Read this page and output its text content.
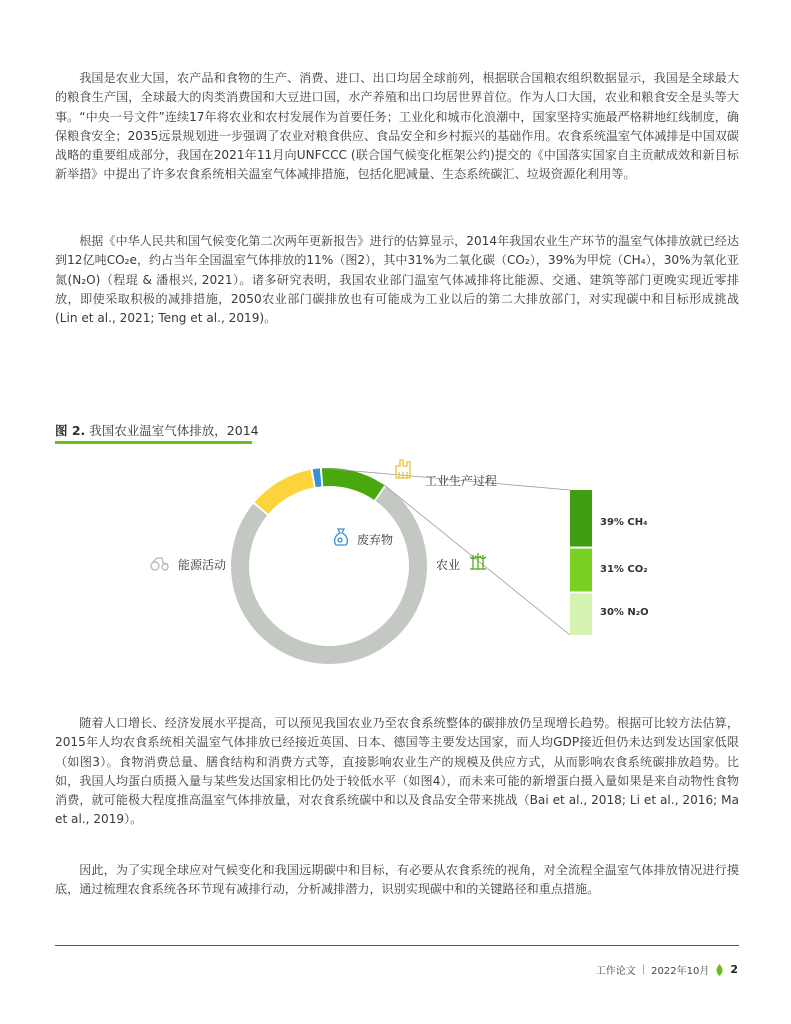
我国是农业大国，农产品和食物的生产、消费、进口、出口均居全球前列，根据联合国粮农组织数据显示，我国是全球最大的粮食生产国，全球最大的肉类消费国和大豆进口国，水产养殖和出口均居世界首位。作为人口大国，农业和粮食安全是头等大事。“中央一号文件”连续17年将农业和农村发展作为首要任务；工业化和城市化浪潮中，国家坚持实施最严格耕地红线制度，确保粮食安全；2035远景规划进一步强调了农业对粮食供应、食品安全和乡村振兴的基础作用。农食系统温室气体减排是中国双碳战略的重要组成部分，我国在2021年11月向UNFCCC (联合国气候变化框架公约)提交的《中国落实国家自主贡献成效和新目标新举措》中提出了许多农食系统相关温室气体减排措施，包括化肥减量、生态系统碳汇、垃圾资源化利用等。

根据《中华人民共和国气候变化第二次两年更新报告》进行的估算显示，2014年我国农业生产环节的温室气体排放就已经达到12亿吨CO₂e，约占当年全国温室气体排放的11%（图2），其中31%为二氧化碳（CO₂），39%为甲烷（CH₄），30%为氧化亚氮(N₂O)（程琨 & 潘根兴, 2021）。诸多研究表明，我国农业部门温室气体减排将比能源、交通、建筑等部门更晚实现近零排放，即使采取积极的减排措施，2050农业部门碳排放也有可能成为工业以后的第二大排放部门，对实现碳中和目标形成挑战 (Lin et al., 2021; Teng et al., 2019)。

图 2. 我国农业温室气体排放，2014
工业生产过程
废弃物
能源活动	农业
39% CH₄
31% CO₂
30% N₂O

随着人口增长、经济发展水平提高，可以预见我国农业乃至农食系统整体的碳排放仍呈现增长趋势。根据可比较方法估算，2015年人均农食系统相关温室气体排放已经接近英国、日本、德国等主要发达国家，而人均GDP接近但仍未达到发达国家低限（如图3）。食物消费总量、膳食结构和消费方式等，直接影响农业生产的规模及供应方式，从而影响农食系统碳排放趋势。比如，我国人均蛋白质摄入量与某些发达国家相比仍处于较低水平（如图4），而未来可能的新增蛋白摄入量如果是来自动物性食物消费，就可能极大程度推高温室气体排放量，对农食系统碳中和以及食品安全带来挑战（Bai et al., 2018; Li et al., 2016; Ma et al., 2019）。

因此，为了实现全球应对气候变化和我国远期碳中和目标，有必要从农食系统的视角，对全流程全温室气体排放情况进行摸底，通过梳理农食系统各环节现有减排行动，分析减排潜力，识别实现碳中和的关键路径和重点措施。

工作论文 | 2022年10月 2
